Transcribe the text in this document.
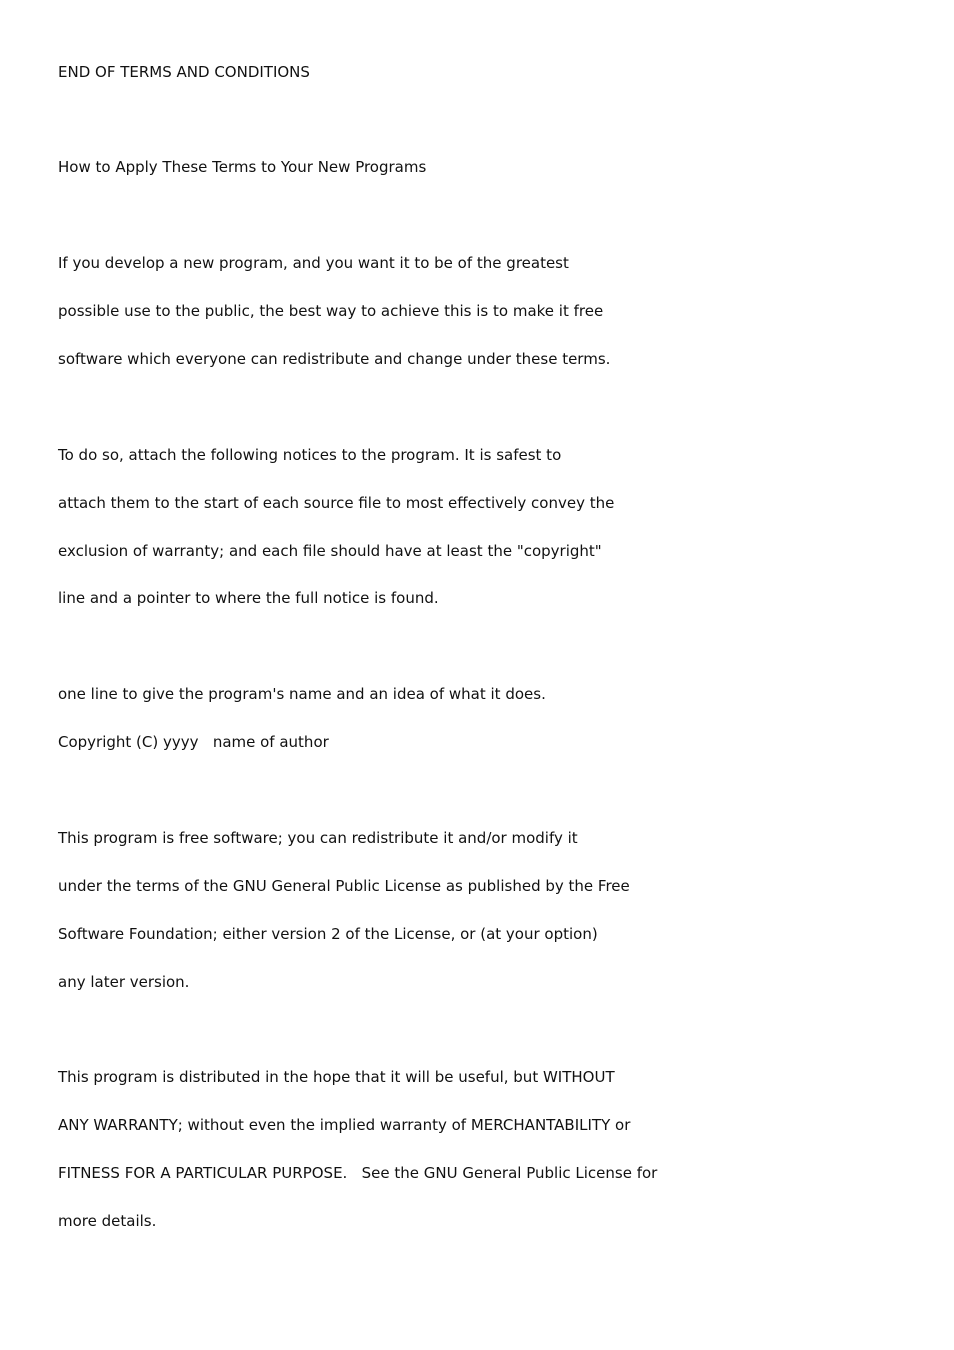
END OF TERMS AND CONDITIONS

How to Apply These Terms to Your New Programs

If you develop a new program, and you want it to be of the greatest

possible use to the public, the best way to achieve this is to make it free

software which everyone can redistribute and change under these terms.

To do so, attach the following notices to the program. It is safest to

attach them to the start of each source file to most effectively convey the

exclusion of warranty; and each file should have at least the "copyright"

line and a pointer to where the full notice is found.

one line to give the program's name and an idea of what it does.

Copyright (C) yyyy   name of author

This program is free software; you can redistribute it and/or modify it

under the terms of the GNU General Public License as published by the Free

Software Foundation; either version 2 of the License, or (at your option)

any later version.

This program is distributed in the hope that it will be useful, but WITHOUT

ANY WARRANTY; without even the implied warranty of MERCHANTABILITY or

FITNESS FOR A PARTICULAR PURPOSE.   See the GNU General Public License for

more details.
